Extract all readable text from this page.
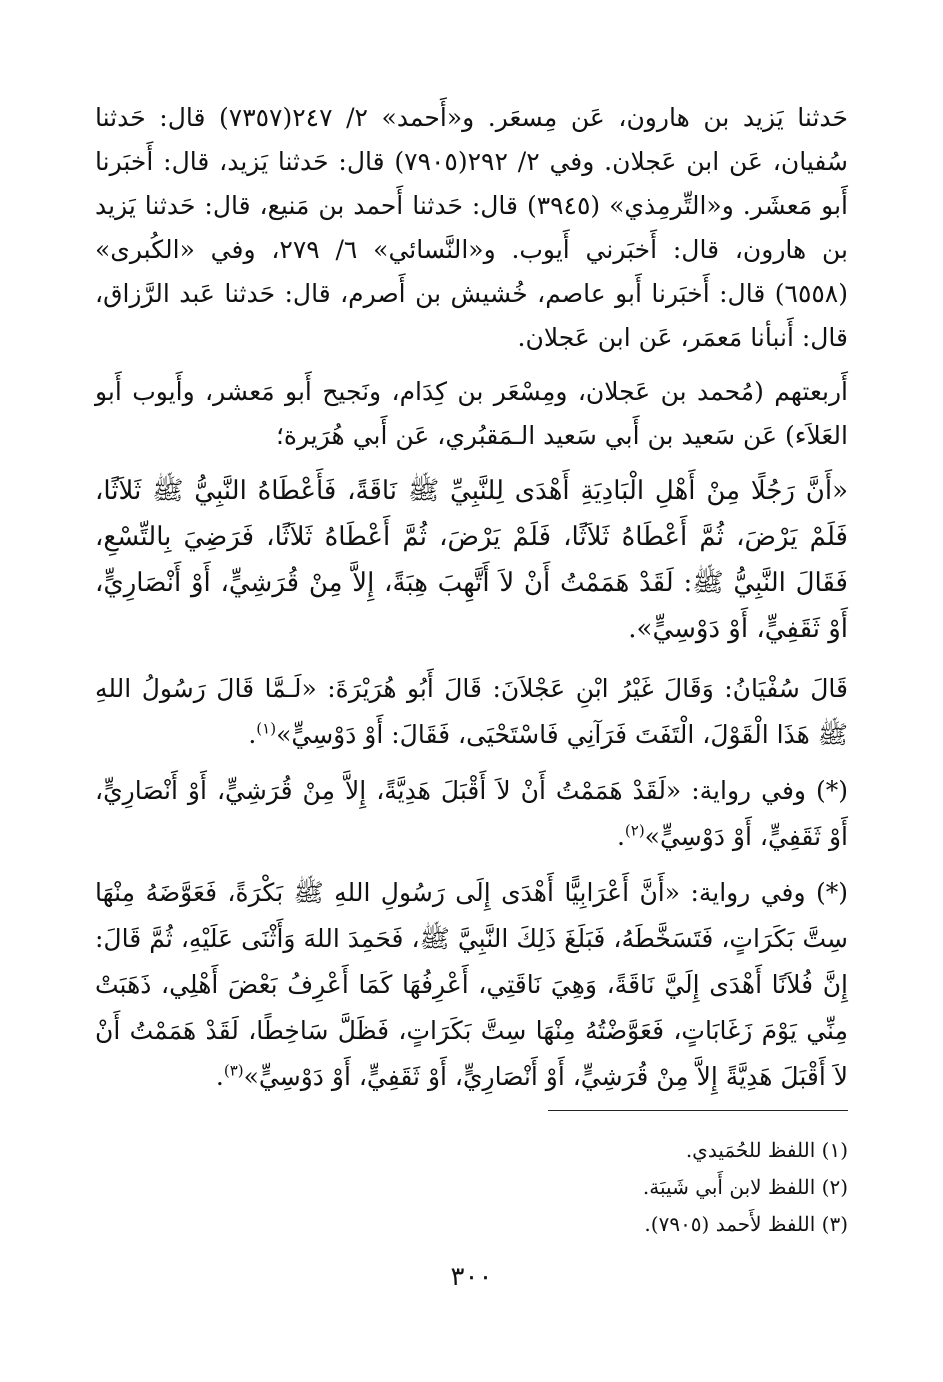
حَدثنا يَزيد بن هارون، عَن مِسعَر. و«أَحمد» ٢/ ٢٤٧(٧٣٥٧) قال: حَدثنا سُفيان، عَن ابن عَجلان. وفي ٢/ ٢٩٢(٧٩٠٥) قال: حَدثنا يَزيد، قال: أَخبَرنا أَبو مَعشَر. و«التِّرمِذي» (٣٩٤٥) قال: حَدثنا أَحمد بن مَنيع، قال: حَدثنا يَزيد بن هارون، قال: أَخبَرني أَيوب. و«النَّسائي» ٦/ ٢٧٩، وفي «الكُبرى» (٦٥٥٨) قال: أَخبَرنا أَبو عاصم، خُشيش بن أَصرم، قال: حَدثنا عَبد الرَّزاق، قال: أَنبأنا مَعمَر، عَن ابن عَجلان.

أَربعتهم (مُحمد بن عَجلان، ومِسْعَر بن كِدَام، ونَجيح أَبو مَعشر، وأَيوب أَبو العَلاَء) عَن سَعيد بن أَبي سَعيد الـمَقبُري، عَن أَبي هُرَيرة؛

«أَنَّ رَجُلًا مِنْ أَهْلِ الْبَادِيَةِ أَهْدَى لِلنَّبِيِّ ﷺ نَاقَةً، فَأَعْطَاهُ النَّبِيُّ ﷺ ثَلاَثًا، فَلَمْ يَرْضَ، ثُمَّ أَعْطَاهُ ثَلاَثًا، فَلَمْ يَرْضَ، ثُمَّ أَعْطَاهُ ثَلاَثًا، فَرَضِيَ بِالتِّسْعِ، فَقَالَ النَّبِيُّ ﷺ: لَقَدْ هَمَمْتُ أَنْ لاَ أَتَّهِبَ هِبَةً، إِلاَّ مِنْ قُرَشِيٍّ، أَوْ أَنْصَارِيٍّ، أَوْ ثَقَفِيٍّ، أَوْ دَوْسِيٍّ».

قَالَ سُفْيَانُ: وَقَالَ غَيْرُ ابْنِ عَجْلاَنَ: قَالَ أَبُو هُرَيْرَةَ: «لَـمَّا قَالَ رَسُولُ اللهِ ﷺ هَذَا الْقَوْلَ، الْتَفَتَ فَرَآنِي فَاسْتَحْيَى، فَقَالَ: أَوْ دَوْسِيٍّ»$^{(١)}$.

(*) وفي رواية: «لَقَدْ هَمَمْتُ أَنْ لاَ أَقْبَلَ هَدِيَّةً، إِلاَّ مِنْ قُرَشِيٍّ، أَوْ أَنْصَارِيٍّ، أَوْ ثَقَفِيٍّ، أَوْ دَوْسِيٍّ»$^{(٢)}$.

(*) وفي رواية: «أَنَّ أَعْرَابِيًّا أَهْدَى إِلَى رَسُولِ اللهِ ﷺ بَكْرَةً، فَعَوَّضَهُ مِنْهَا سِتَّ بَكَرَاتٍ، فَتَسَخَّطَهُ، فَبَلَغَ ذَلِكَ النَّبِيَّ ﷺ، فَحَمِدَ اللهَ وَأَثْنَى عَلَيْهِ، ثُمَّ قَالَ: إِنَّ فُلاَنًا أَهْدَى إِلَيَّ نَاقَةً، وَهِيَ نَاقَتِي، أَعْرِفُهَا كَمَا أَعْرِفُ بَعْضَ أَهْلِي، ذَهَبَتْ مِنِّي يَوْمَ زَغَابَاتٍ، فَعَوَّضْتُهُ مِنْهَا سِتَّ بَكَرَاتٍ، فَظَلَّ سَاخِطًا، لَقَدْ هَمَمْتُ أَنْ لاَ أَقْبَلَ هَدِيَّةً إِلاَّ مِنْ قُرَشِيٍّ، أَوْ أَنْصَارِيٍّ، أَوْ ثَقَفِيٍّ، أَوْ دَوْسِيٍّ»$^{(٣)}$.

(١) اللفظ للحُمَيدي.

(٢) اللفظ لابن أَبي شَيبَة.

(٣) اللفظ لأَحمد (٧٩٠٥).

٣٠٠
